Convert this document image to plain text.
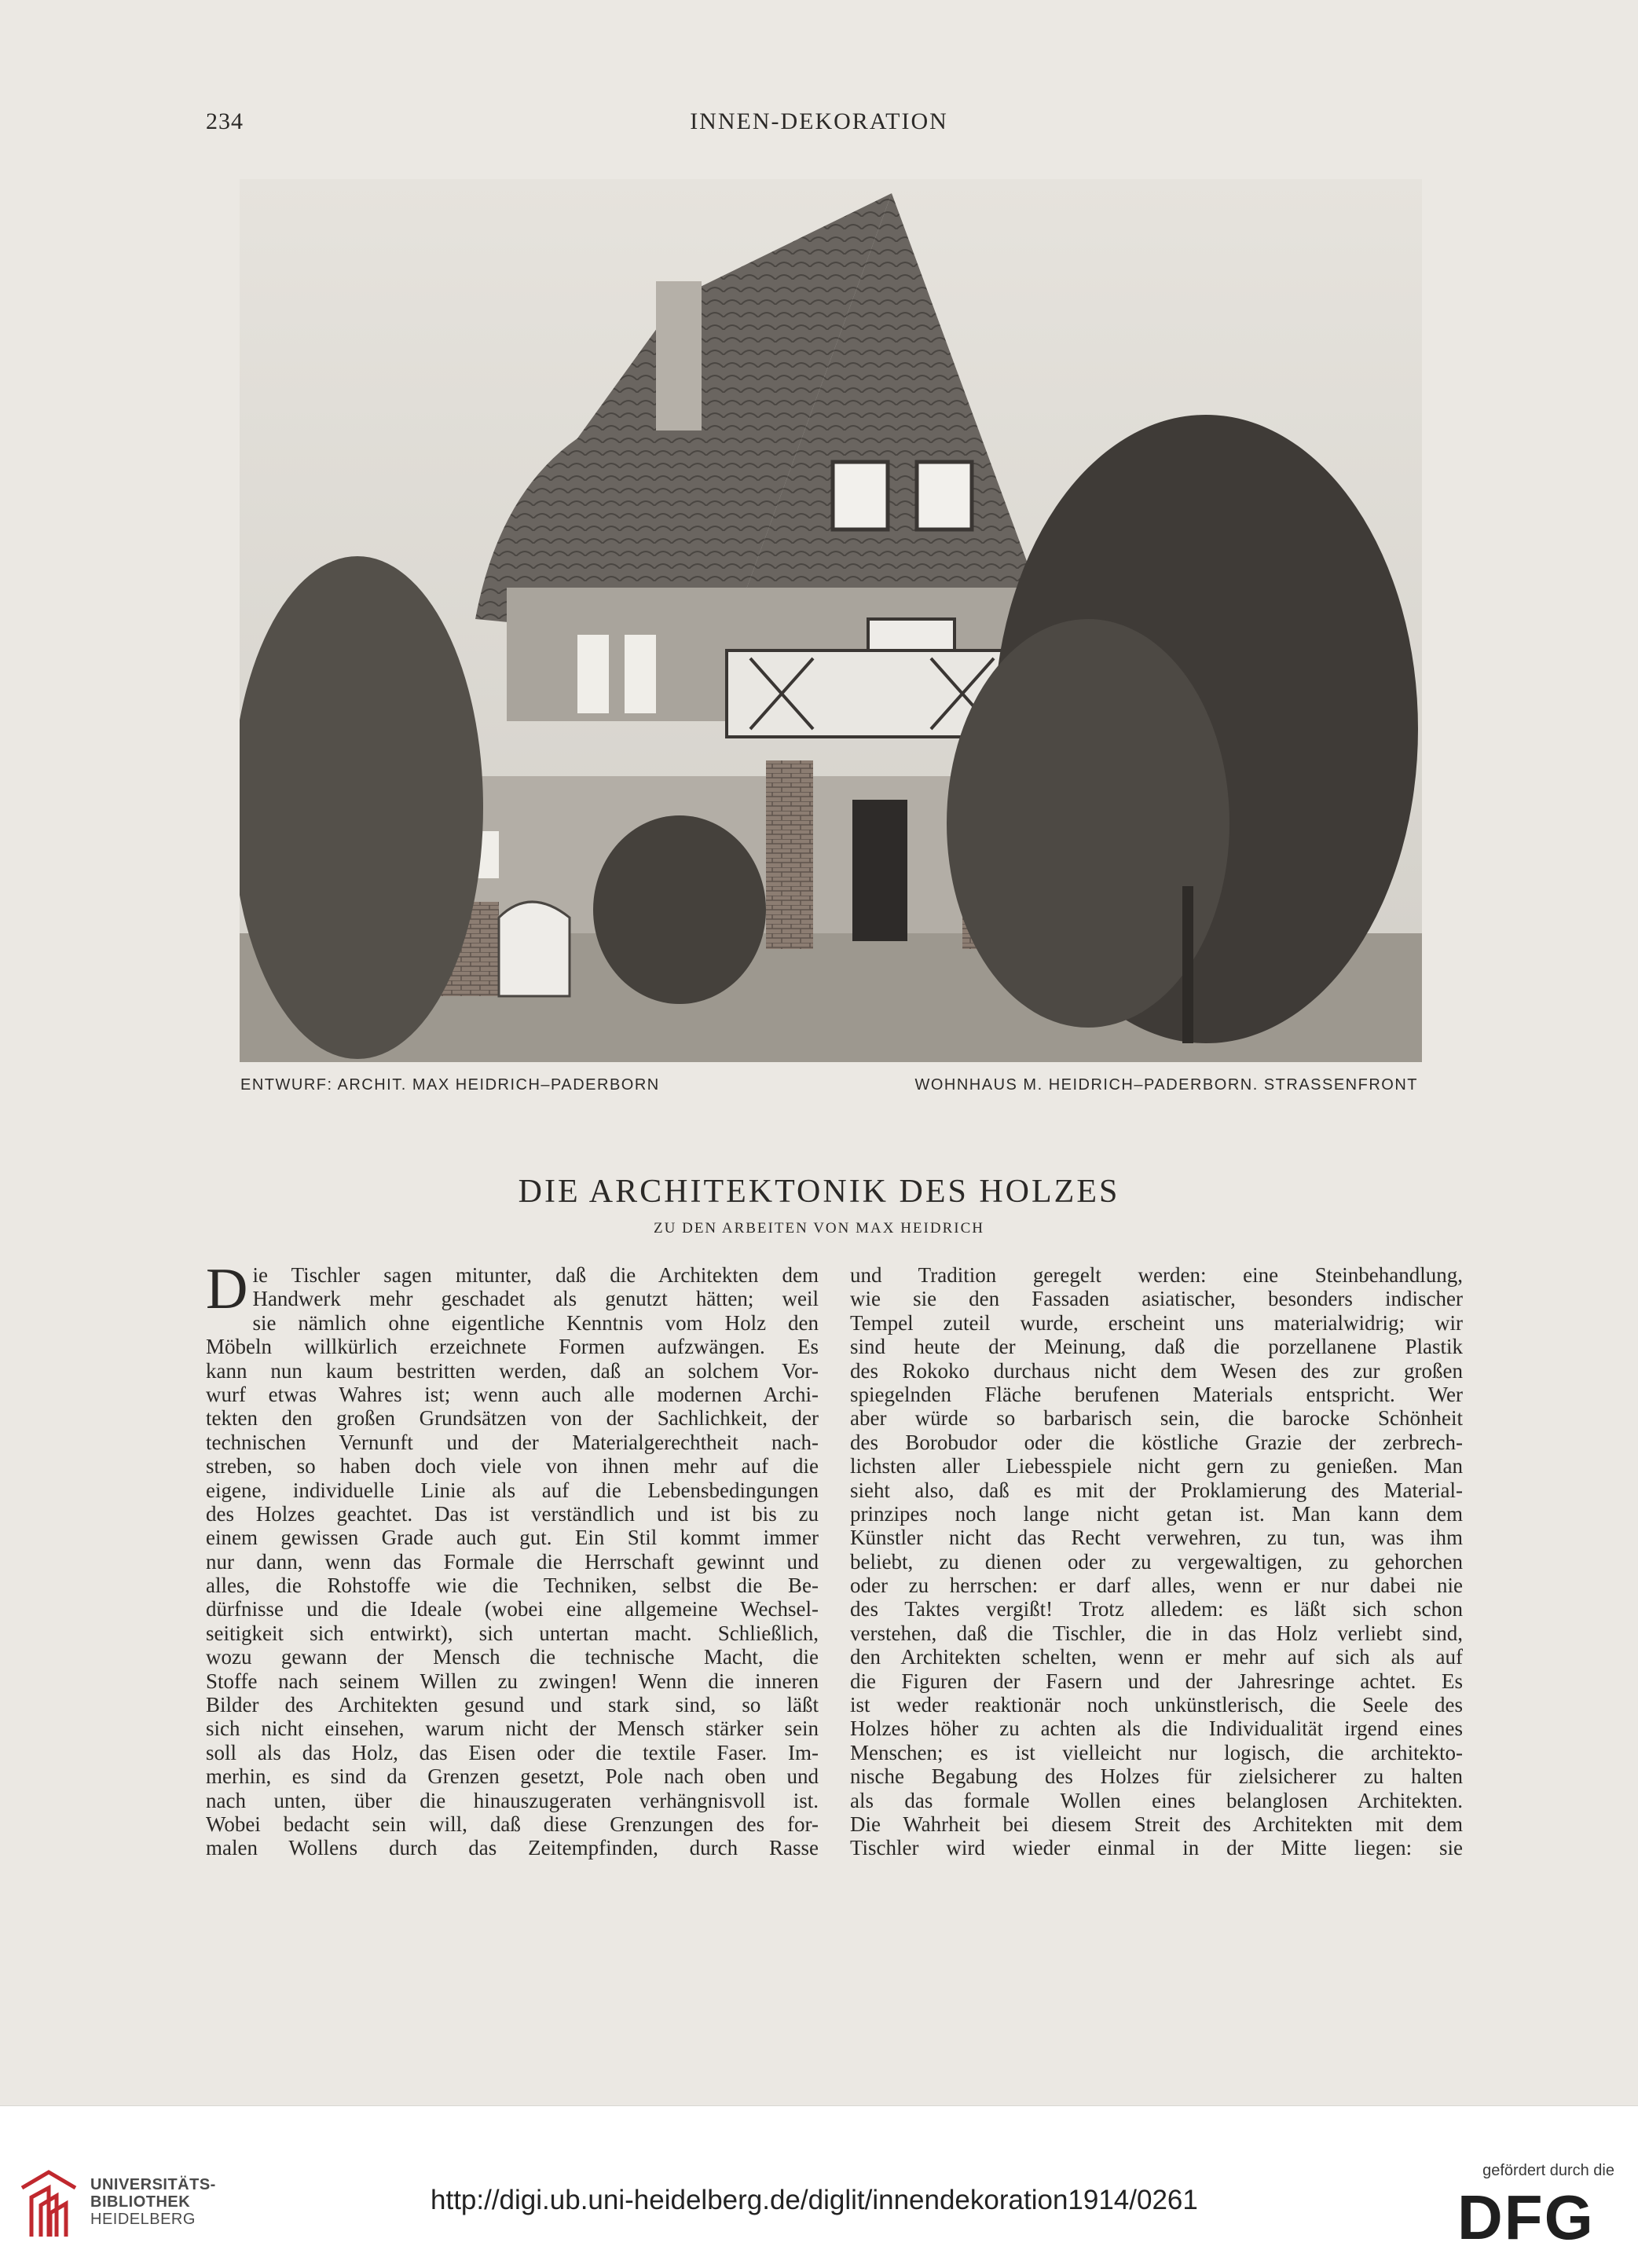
234	INNEN-DEKORATION
ENTWURF: ARCHIT. MAX HEIDRICH–PADERBORN	WOHNHAUS M. HEIDRICH–PADERBORN. STRASSENFRONT
DIE ARCHITEKTONIK DES HOLZES
ZU DEN ARBEITEN VON MAX HEIDRICH
D ie Tischler sagen mitunter, daß die Architekten dem
Handwerk mehr geschadet als genutzt hätten; weil
sie nämlich ohne eigentliche Kenntnis vom Holz den
Möbeln willkürlich erzeichnete Formen aufzwängen. Es
kann nun kaum bestritten werden, daß an solchem Vor-
wurf etwas Wahres ist; wenn auch alle modernen Archi-
tekten den großen Grundsätzen von der Sachlichkeit, der
technischen Vernunft und der Materialgerechtheit nach-
streben, so haben doch viele von ihnen mehr auf die
eigene, individuelle Linie als auf die Lebensbedingungen
des Holzes geachtet. Das ist verständlich und ist bis zu
einem gewissen Grade auch gut. Ein Stil kommt immer
nur dann, wenn das Formale die Herrschaft gewinnt und
alles, die Rohstoffe wie die Techniken, selbst die Be-
dürfnisse und die Ideale (wobei eine allgemeine Wechsel-
seitigkeit sich entwirkt), sich untertan macht. Schließlich,
wozu gewann der Mensch die technische Macht, die
Stoffe nach seinem Willen zu zwingen! Wenn die inneren
Bilder des Architekten gesund und stark sind, so läßt
sich nicht einsehen, warum nicht der Mensch stärker sein
soll als das Holz, das Eisen oder die textile Faser. Im-
merhin, es sind da Grenzen gesetzt, Pole nach oben und
nach unten, über die hinauszugeraten verhängnisvoll ist.
Wobei bedacht sein will, daß diese Grenzungen des for-
malen Wollens durch das Zeitempfinden, durch Rasse
und Tradition geregelt werden: eine Steinbehandlung,
wie sie den Fassaden asiatischer, besonders indischer
Tempel zuteil wurde, erscheint uns materialwidrig; wir
sind heute der Meinung, daß die porzellanene Plastik
des Rokoko durchaus nicht dem Wesen des zur großen
spiegelnden Fläche berufenen Materials entspricht. Wer
aber würde so barbarisch sein, die barocke Schönheit
des Borobudor oder die köstliche Grazie der zerbrech-
lichsten aller Liebesspiele nicht gern zu genießen. Man
sieht also, daß es mit der Proklamierung des Material-
prinzipes noch lange nicht getan ist. Man kann dem
Künstler nicht das Recht verwehren, zu tun, was ihm
beliebt, zu dienen oder zu vergewaltigen, zu gehorchen
oder zu herrschen: er darf alles, wenn er nur dabei nie
des Taktes vergißt! Trotz alledem: es läßt sich schon
verstehen, daß die Tischler, die in das Holz verliebt sind,
den Architekten schelten, wenn er mehr auf sich als auf
die Figuren der Fasern und der Jahresringe achtet. Es
ist weder reaktionär noch unkünstlerisch, die Seele des
Holzes höher zu achten als die Individualität irgend eines
Menschen; es ist vielleicht nur logisch, die architekto-
nische Begabung des Holzes für zielsicherer zu halten
als das formale Wollen eines belanglosen Architekten.
Die Wahrheit bei diesem Streit des Architekten mit dem
Tischler wird wieder einmal in der Mitte liegen: sie
UNIVERSITÄTS-
BIBLIOTHEK
HEIDELBERG
http://digi.ub.uni-heidelberg.de/diglit/innendekoration1914/0261
gefördert durch die
DFG
